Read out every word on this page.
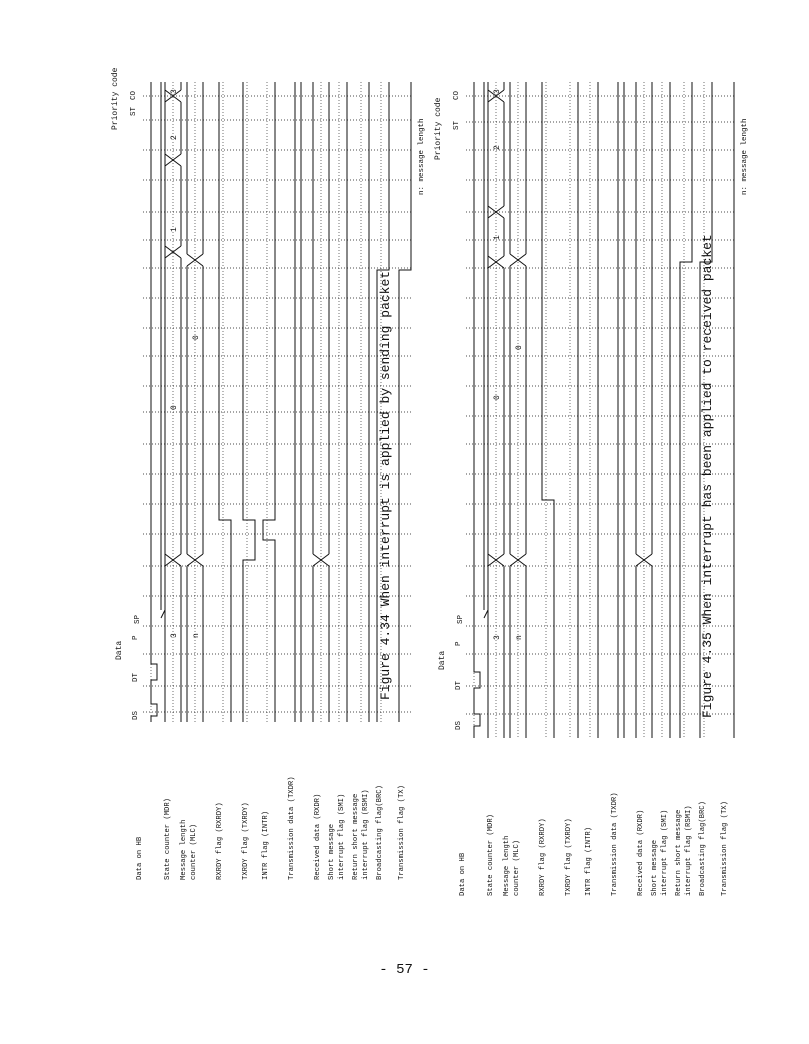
Data on HB	State counter (MDR) Message length counter (MLC)	RXRDY flag (RXRDY)	TXRDY flag (TXRDY) INTR flag (INTR)	Transmission data (TXDR)	Received data (RXDR) Short message interrupt flag (SMI) Return short message interrupt flag (RSMI) Broadcasting flag(BRC) Transmission flag (TX)
3
0
1
2
3
n
0
Data
DS
DT
P
SP
Priority code ST
CO
n: message length
Data on HB	State counter (MDR) Message length counter (MLC)	RXRDY flag (RXRDY)	TXRDY flag (TXRDY) INTR flag (INTR)	Transmission data (TXDR)	Received data (RXDR) Short message interrupt flag (SMI) Return short message interrupt flag (RSMI) Broadcasting flag(BRC) Transmission flag (TX)
3
0
1
2
3
n
0
Data
DS
DT
P
SP
Priority code ST
CO
n: message length
Figure 4.34 When interrupt is applied by sending packet	Figure 4.35 When interrupt has been applied to received packet
- 57 -
